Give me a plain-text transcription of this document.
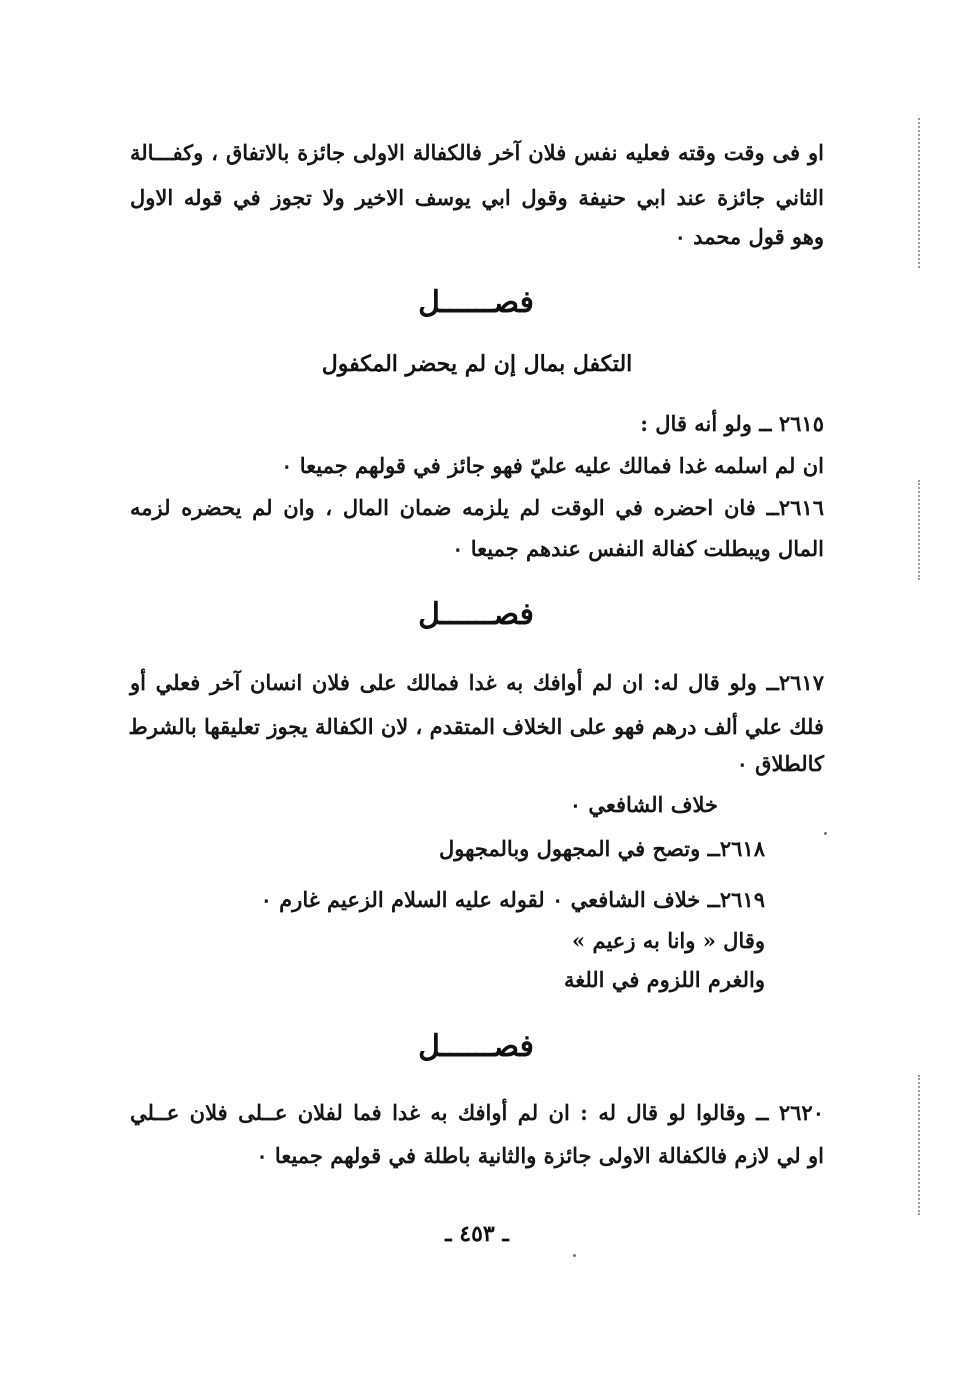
او فى وقت وقته فعليه نفس فلان آخر فالكفالة الاولى جائزة بالاتفاق ، وكفـــالة
الثاني جائزة عند ابي حنيفة وقول ابي يوسف الاخير ولا تجوز في قوله الاول
وهو قول محمد ٠
فصــــــل
التكفل بمال إن لم يحضر المكفول
٢٦١٥ ــ ولو أنه قال :
ان لم اسلمه غدا فمالك عليه عليّ فهو جائز في قولهم جميعا ٠
٢٦١٦ــ فان احضره في الوقت لم يلزمه ضمان المال ، وان لم يحضره لزمه
المال ويبطلت كفالة النفس عندهم جميعا ٠
فصــــــل
٢٦١٧ــ ولو قال له: ان لم أوافك به غدا فمالك على فلان انسان آخر فعلي أو
فلك علي ألف درهم فهو على الخلاف المتقدم ، لان الكفالة يجوز تعليقها بالشرط
كالطلاق ٠
خلاف الشافعي ٠
٢٦١٨ــ وتصح في المجهول وبالمجهول
٢٦١٩ــ خلاف الشافعي ٠ لقوله عليه السلام الزعيم غارم ٠
وقال « وانا به زعيم »
والغرم اللزوم في اللغة
فصــــــل
٢٦٢٠ ــ وقالوا لو قال له : ان لم أوافك به غدا فما لفلان عــلى فلان عــلي
او لي لازم فالكفالة الاولى جائزة والثانية باطلة في قولهم جميعا ٠
ـ ٤٥٣ ـ
